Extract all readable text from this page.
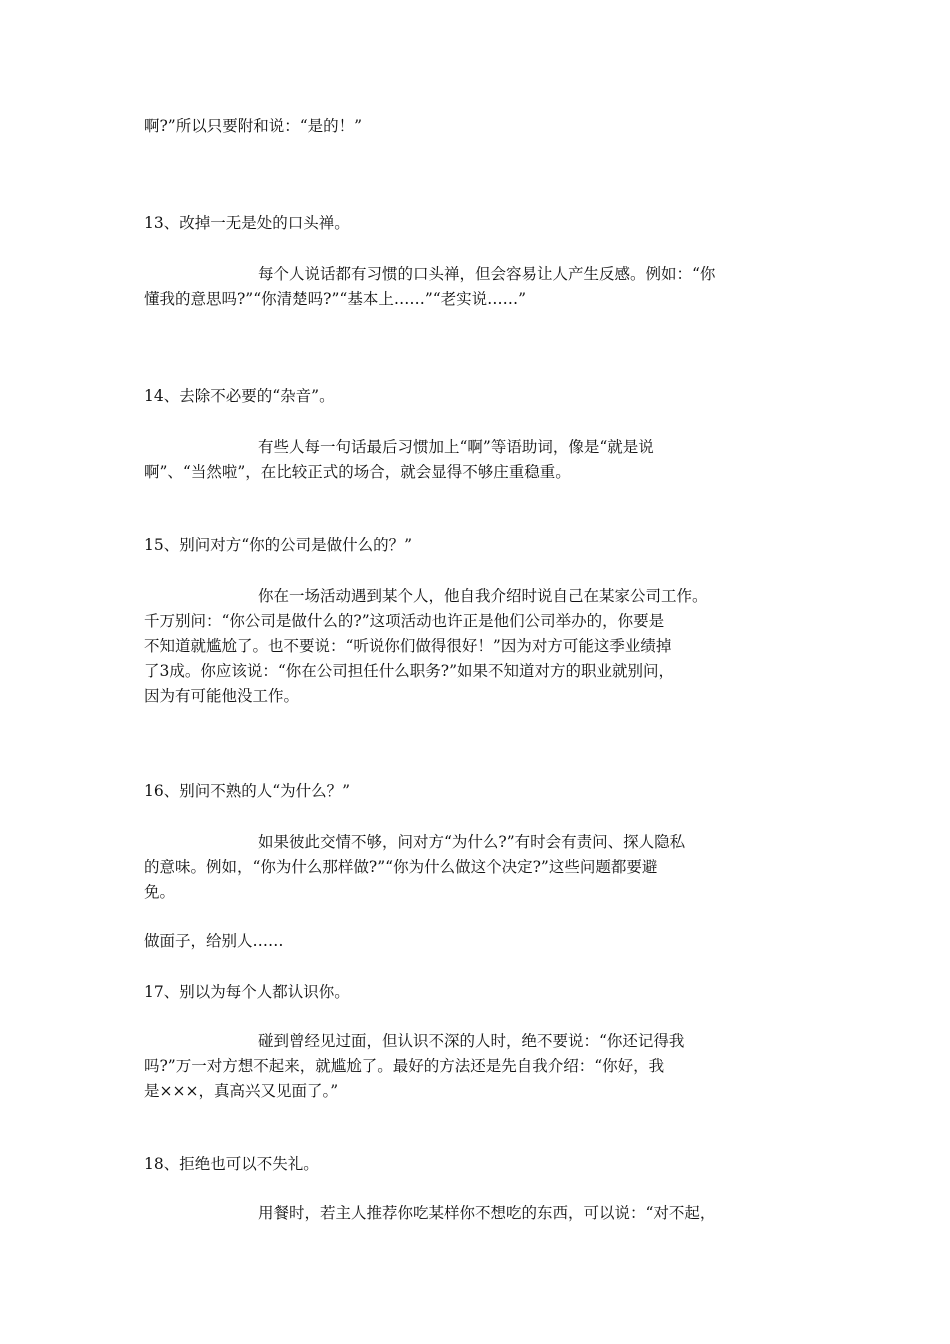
啊?”所以只要附和说：“是的！”
13、改掉一无是处的口头禅。
每个人说话都有习惯的口头禅，但会容易让人产生反感。例如：“你
懂我的意思吗?”“你清楚吗?”“基本上……”“老实说……”
14、去除不必要的“杂音”。
有些人每一句话最后习惯加上“啊”等语助词，像是“就是说
啊”、“当然啦”，在比较正式的场合，就会显得不够庄重稳重。
15、别问对方“你的公司是做什么的？”
你在一场活动遇到某个人，他自我介绍时说自己在某家公司工作。
千万别问：“你公司是做什么的?”这项活动也许正是他们公司举办的，你要是
不知道就尴尬了。也不要说：“听说你们做得很好！”因为对方可能这季业绩掉
了3成。你应该说：“你在公司担任什么职务?”如果不知道对方的职业就别问，
因为有可能他没工作。
16、别问不熟的人“为什么？”
如果彼此交情不够，问对方“为什么?”有时会有责问、探人隐私
的意味。例如，“你为什么那样做?”“你为什么做这个决定?”这些问题都要避
免。
做面子，给别人……
17、别以为每个人都认识你。
碰到曾经见过面，但认识不深的人时，绝不要说：“你还记得我
吗?”万一对方想不起来，就尴尬了。最好的方法还是先自我介绍：“你好，我
是×××，真高兴又见面了。”
18、拒绝也可以不失礼。
用餐时，若主人推荐你吃某样你不想吃的东西，可以说：“对不起，
